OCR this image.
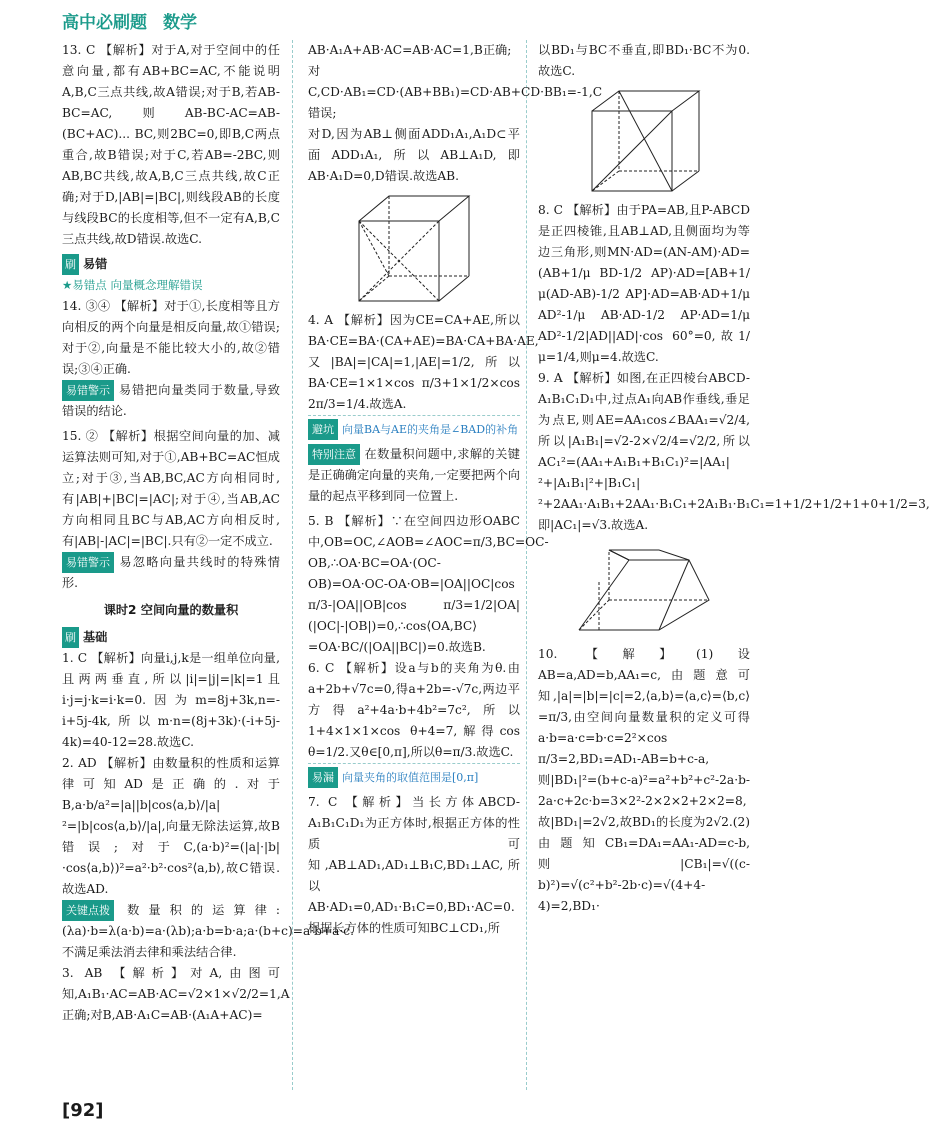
高中必刷题 数学

13. C 【解析】对于A,对于空间中的任意向量,都有AB+BC=AC,不能说明A,B,C三点共线,故A错误;对于B,若AB-BC=AC,则AB-BC-AC=AB-(BC+AC)... BC,则2BC=0,即B,C两点重合,故B错误;对于C,若AB=-2BC,则AB,BC共线,故A,B,C三点共线,故C正确;对于D,|AB|=|BC|,则线段AB的长度与线段BC的长度相等,但不一定有A,B,C三点共线,故D错误.故选C.

刷 易错
★易错点 向量概念理解错误

14. ③④ 【解析】对于①,长度相等且方向相反的两个向量是相反向量,故①错误;对于②,向量是不能比较大小的,故②错误;③④正确.

易错警示 易错把向量类同于数量,导致错误的结论.

15. ② 【解析】根据空间向量的加、减运算法则可知,对于①,AB+BC=AC恒成立;对于③,当AB,BC,AC方向相同时,有|AB|+|BC|=|AC|;对于④,当AB,AC方向相同且BC与AB,AC方向相反时,有|AB|-|AC|=|BC|.只有②一定不成立.

易错警示 易忽略向量共线时的特殊情形.

课时2 空间向量的数量积
刷 基础

1. C 【解析】向量i,j,k是一组单位向量,且两两垂直,所以|i|=|j|=|k|=1且i·j=j·k=i·k=0.因为m=8j+3k,n=-i+5j-4k,所以m·n=(8j+3k)·(-i+5j-4k)=40-12=28.故选C.

2. AD 【解析】由数量积的性质和运算律可知AD是正确的.对于B,a·b/a²=|a||b|cos⟨a,b⟩/|a|²=|b|cos⟨a,b⟩/|a|,向量无除法运算,故B错误;对于C,(a·b)²=(|a|·|b|·cos⟨a,b⟩)²=a²·b²·cos²⟨a,b⟩,故C错误.故选AD.

关键点拨 数量积的运算律:(λa)·b=λ(a·b)=a·(λb);a·b=b·a;a·(b+c)=a·b+a·c.不满足乘法消去律和乘法结合律.

3. AB 【解析】对A,由图可知,A₁B₁·AC=AB·AC=√2×1×√2/2=1,A正确;对B,AB·A₁C=AB·(A₁A+AC)=

AB·A₁A+AB·AC=AB·AC=1,B正确;

对C,CD·AB₁=CD·(AB+BB₁)=CD·AB+CD·BB₁=-1,C错误;

对D,因为AB⊥侧面ADD₁A₁,A₁D⊂平面ADD₁A₁,所以AB⊥A₁D,即AB·A₁D=0,D错误.故选AB.

4. A 【解析】因为CE=CA+AE,所以BA·CE=BA·(CA+AE)=BA·CA+BA·AE,又|BA|=|CA|=1,|AE|=1/2,所以BA·CE=1×1×cos π/3+1×1/2×cos 2π/3=1/4.故选A.

避坑 向量BA与AE的夹角是∠BAD的补角

特别注意 在数量积问题中,求解的关键是正确确定向量的夹角,一定要把两个向量的起点平移到同一位置上.

5. B 【解析】∵在空间四边形OABC中,OB=OC,∠AOB=∠AOC=π/3,BC=OC-OB,∴OA·BC=OA·(OC-OB)=OA·OC-OA·OB=|OA||OC|cos π/3-|OA||OB|cos π/3=1/2|OA|(|OC|-|OB|)=0,∴cos⟨OA,BC⟩=OA·BC/(|OA||BC|)=0.故选B.

6. C 【解析】设a与b的夹角为θ.由a+2b+√7c=0,得a+2b=-√7c,两边平方得a²+4a·b+4b²=7c²,所以1+4×1×1×cos θ+4=7,解得cos θ=1/2.又θ∈[0,π],所以θ=π/3.故选C.

易漏 向量夹角的取值范围是[0,π]

7. C 【解析】当长方体ABCD-A₁B₁C₁D₁为正方体时,根据正方体的性质可知,AB⊥AD₁,AD₁⊥B₁C,BD₁⊥AC,所以AB·AD₁=0,AD₁·B₁C=0,BD₁·AC=0.根据长方体的性质可知BC⊥CD₁,所

以BD₁与BC不垂直,即BD₁·BC不为0.故选C.

8. C 【解析】由于PA=AB,且P-ABCD是正四棱锥,且AB⊥AD,且侧面均为等边三角形,则MN·AD=(AN-AM)·AD=(AB+1/μ BD-1/2 AP)·AD=[AB+1/μ(AD-AB)-1/2 AP]·AD=AB·AD+1/μ AD²-1/μ AB·AD-1/2 AP·AD=1/μ AD²-1/2|AD||AD|·cos 60°=0,故1/μ=1/4,则μ=4.故选C.

9. A 【解析】如图,在正四棱台ABCD-A₁B₁C₁D₁中,过点A₁向AB作垂线,垂足为点E,则AE=AA₁cos∠BAA₁=√2/4,所以|A₁B₁|=√2-2×√2/4=√2/2,所以AC₁²=(AA₁+A₁B₁+B₁C₁)²=|AA₁|²+|A₁B₁|²+|B₁C₁|²+2AA₁·A₁B₁+2AA₁·B₁C₁+2A₁B₁·B₁C₁=1+1/2+1/2+1+0+1/2=3,即|AC₁|=√3.故选A.

10. 【解】(1)设AB=a,AD=b,AA₁=c,由题意可知,|a|=|b|=|c|=2,⟨a,b⟩=⟨a,c⟩=⟨b,c⟩=π/3,由空间向量数量积的定义可得a·b=a·c=b·c=2²×cos π/3=2,BD₁=AD₁-AB=b+c-a,则|BD₁|²=(b+c-a)²=a²+b²+c²-2a·b-2a·c+2c·b=3×2²-2×2×2+2×2=8,故|BD₁|=2√2,故BD₁的长度为2√2.(2)由题知CB₁=DA₁=AA₁-AD=c-b,则|CB₁|=√((c-b)²)=√(c²+b²-2b·c)=√(4+4-4)=2,BD₁·

[92]
